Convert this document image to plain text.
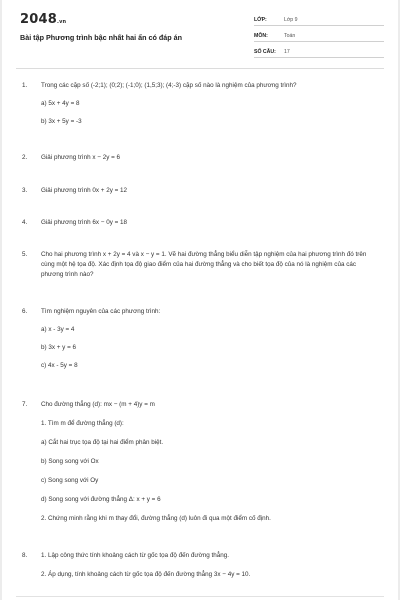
2048.vn
Bài tập Phương trình bậc nhất hai ẩn có đáp án
LỚP:	Lớp 9
MÔN:	Toán
SỐ CÂU: 17
1. Trong các cặp số (-2;1); (0;2); (-1;0); (1,5;3); (4;-3) cặp số nào là nghiệm của phương trình?
a) 5x + 4y = 8
b) 3x + 5y = -3
2. Giải phương trình x − 2y = 6
3. Giải phương trình 0x + 2y = 12
4. Giải phương trình 6x − 0y = 18
5. Cho hai phương trình x + 2y = 4 và x − y = 1. Vẽ hai đường thẳng biểu diễn tập nghiệm của hai phương trình đó trên cùng một hệ tọa độ. Xác định tọa độ giao điểm của hai đường thẳng và cho biết tọa độ của nó là nghiệm của các phương trình nào?
6. Tìm nghiệm nguyên của các phương trình:
a) x - 3y = 4
b) 3x + y = 6
c) 4x - 5y = 8
7. Cho đường thẳng (d): mx − (m + 4)y = m
1. Tìm m để đường thẳng (d):
a) Cắt hai trục tọa độ tại hai điểm phân biệt.
b) Song song với Ox
c) Song song với Oy
d) Song song với đường thẳng Δ: x + y = 6
2. Chứng minh rằng khi m thay đổi, đường thẳng (d) luôn đi qua một điểm cố định.
8. 1. Lập công thức tính khoảng cách từ gốc tọa độ đến đường thẳng.
2. Áp dụng, tính khoảng cách từ gốc tọa độ đến đường thẳng 3x − 4y = 10.
